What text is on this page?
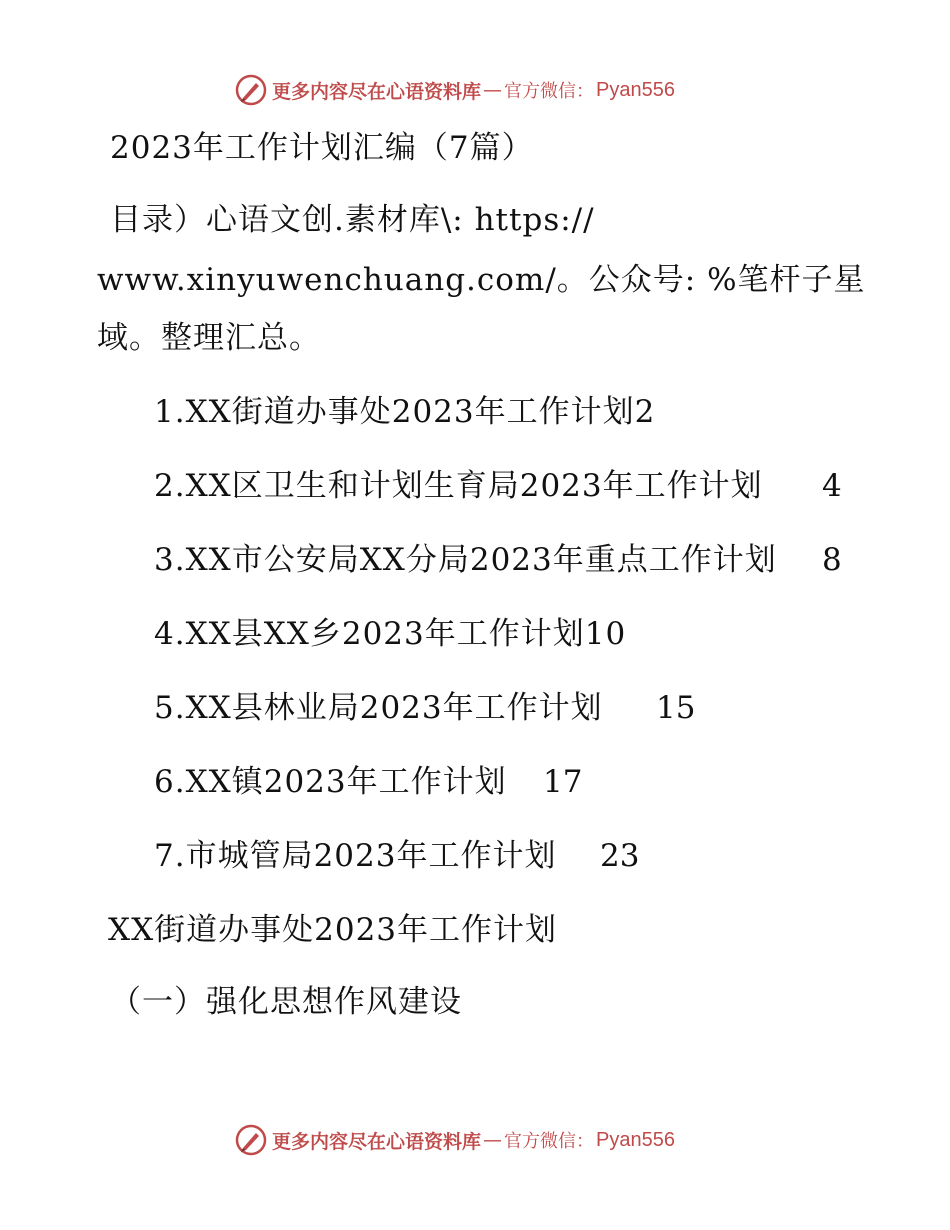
更多内容尽在心语资料库 — 官方微信： Pyan556
2023年工作计划汇编（7篇）
目录）心语文创.素材库\: https://
www.xinyuwenchuang.com/。公众号: %笔杆子星
域。整理汇总。
1.XX街道办事处2023年工作计划2
2.XX区卫生和计划生育局2023年工作计划 4
3.XX市公安局XX分局2023年重点工作计划 8
4.XX县XX乡2023年工作计划10
5.XX县林业局2023年工作计划 15
6.XX镇2023年工作计划 17
7.市城管局2023年工作计划 23
XX街道办事处2023年工作计划
（一）强化思想作风建设
更多内容尽在心语资料库 — 官方微信： Pyan556
